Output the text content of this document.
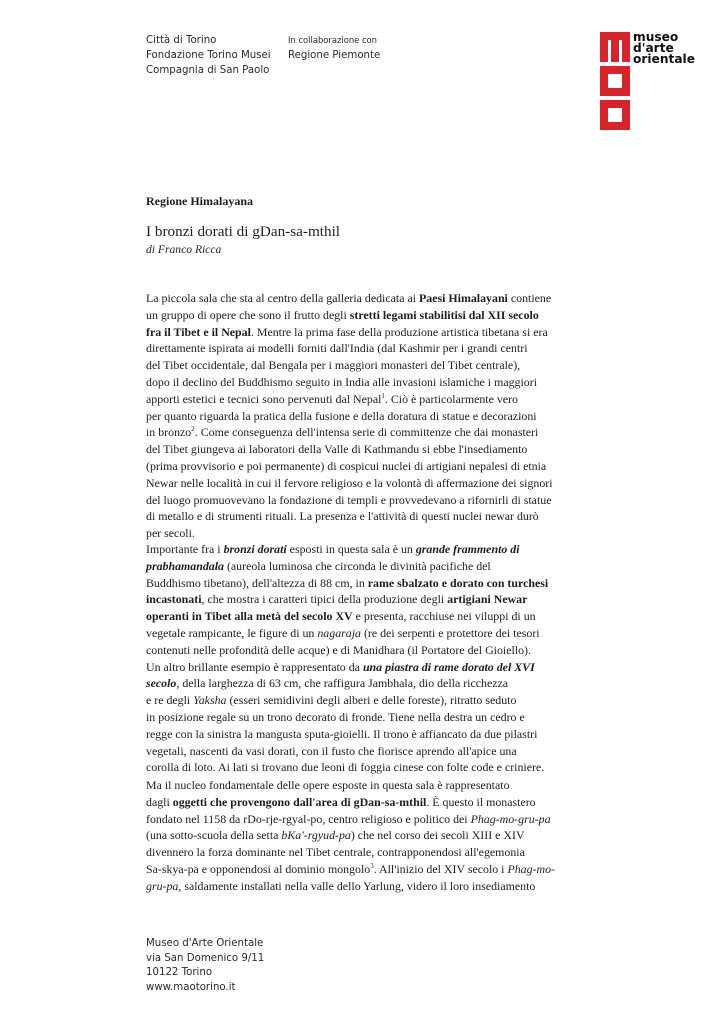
Città di Torino
Fondazione Torino Musei
Compagnia di San Paolo
In collaborazione con
Regione Piemonte
museo
d'arte
orientale
Regione Himalayana
I bronzi dorati di gDan-sa-mthil
di Franco Ricca
La piccola sala che sta al centro della galleria dedicata ai Paesi Himalayani contiene
un gruppo di opere che sono il frutto degli stretti legami stabilitisi dal XII secolo
fra il Tibet e il Nepal. Mentre la prima fase della produzione artistica tibetana si era
direttamente ispirata ai modelli forniti dall'India (dal Kashmir per i grandi centri
del Tibet occidentale, dal Bengala per i maggiori monasteri del Tibet centrale),
dopo il declino del Buddhismo seguito in India alle invasioni islamiche i maggiori
apporti estetici e tecnici sono pervenuti dal Nepal$^1$. Ciò è particolarmente vero
per quanto riguarda la pratica della fusione e della doratura di statue e decorazioni
in bronzo$^2$. Come conseguenza dell'intensa serie di committenze che dai monasteri
del Tibet giungeva ai laboratori della Valle di Kathmandu si ebbe l'insediamento
(prima provvisorio e poi permanente) di cospicui nuclei di artigiani nepalesi di etnia
Newar nelle località in cui il fervore religioso e la volontà di affermazione dei signori
del luogo promuovevano la fondazione di templi e provvedevano a rifornirli di statue
di metallo e di strumenti rituali. La presenza e l'attività di questi nuclei newar durò
per secoli.
Importante fra i bronzi dorati esposti in questa sala è un grande frammento di
prabhamandala (aureola luminosa che circonda le divinità pacifiche del
Buddhismo tibetano), dell'altezza di 88 cm, in rame sbalzato e dorato con turchesi
incastonati, che mostra i caratteri tipici della produzione degli artigiani Newar
operanti in Tibet alla metà del secolo XV e presenta, racchiuse nei viluppi di un
vegetale rampicante, le figure di un nagaraja (re dei serpenti e protettore dei tesori
contenuti nelle profondità delle acque) e di Manidhara (il Portatore del Gioiello).
Un altro brillante esempio è rappresentato da una piastra di rame dorato del XVI
secolo, della larghezza di 63 cm, che raffigura Jambhala, dio della ricchezza
e re degli Yaksha (esseri semidivini degli alberi e delle foreste), ritratto seduto
in posizione regale su un trono decorato di fronde. Tiene nella destra un cedro e
regge con la sinistra la mangusta sputa-gioielli. Il trono è affiancato da due pilastri
vegetali, nascenti da vasi dorati, con il fusto che fiorisce aprendo all'apice una
corolla di loto. Ai lati si trovano due leoni di foggia cinese con folte code e criniere.
Ma il nucleo fondamentale delle opere esposte in questa sala è rappresentato
dagli oggetti che provengono dall'area di gDan-sa-mthil. È questo il monastero
fondato nel 1158 da rDo-rje-rgyal-po, centro religioso e politico dei Phag-mo-gru-pa
(una sotto-scuola della setta bKa'-rgyud-pa) che nel corso dei secoli XIII e XIV
divennero la forza dominante nel Tibet centrale, contrapponendosi all'egemonia
Sa-skya-pa e opponendosi al dominio mongolo$^3$. All'inizio del XIV secolo i Phag-mo-
gru-pa, saldamente installati nella valle dello Yarlung, videro il loro insediamento
Museo d'Arte Orientale
via San Domenico 9/11
10122 Torino
www.maotorino.it
